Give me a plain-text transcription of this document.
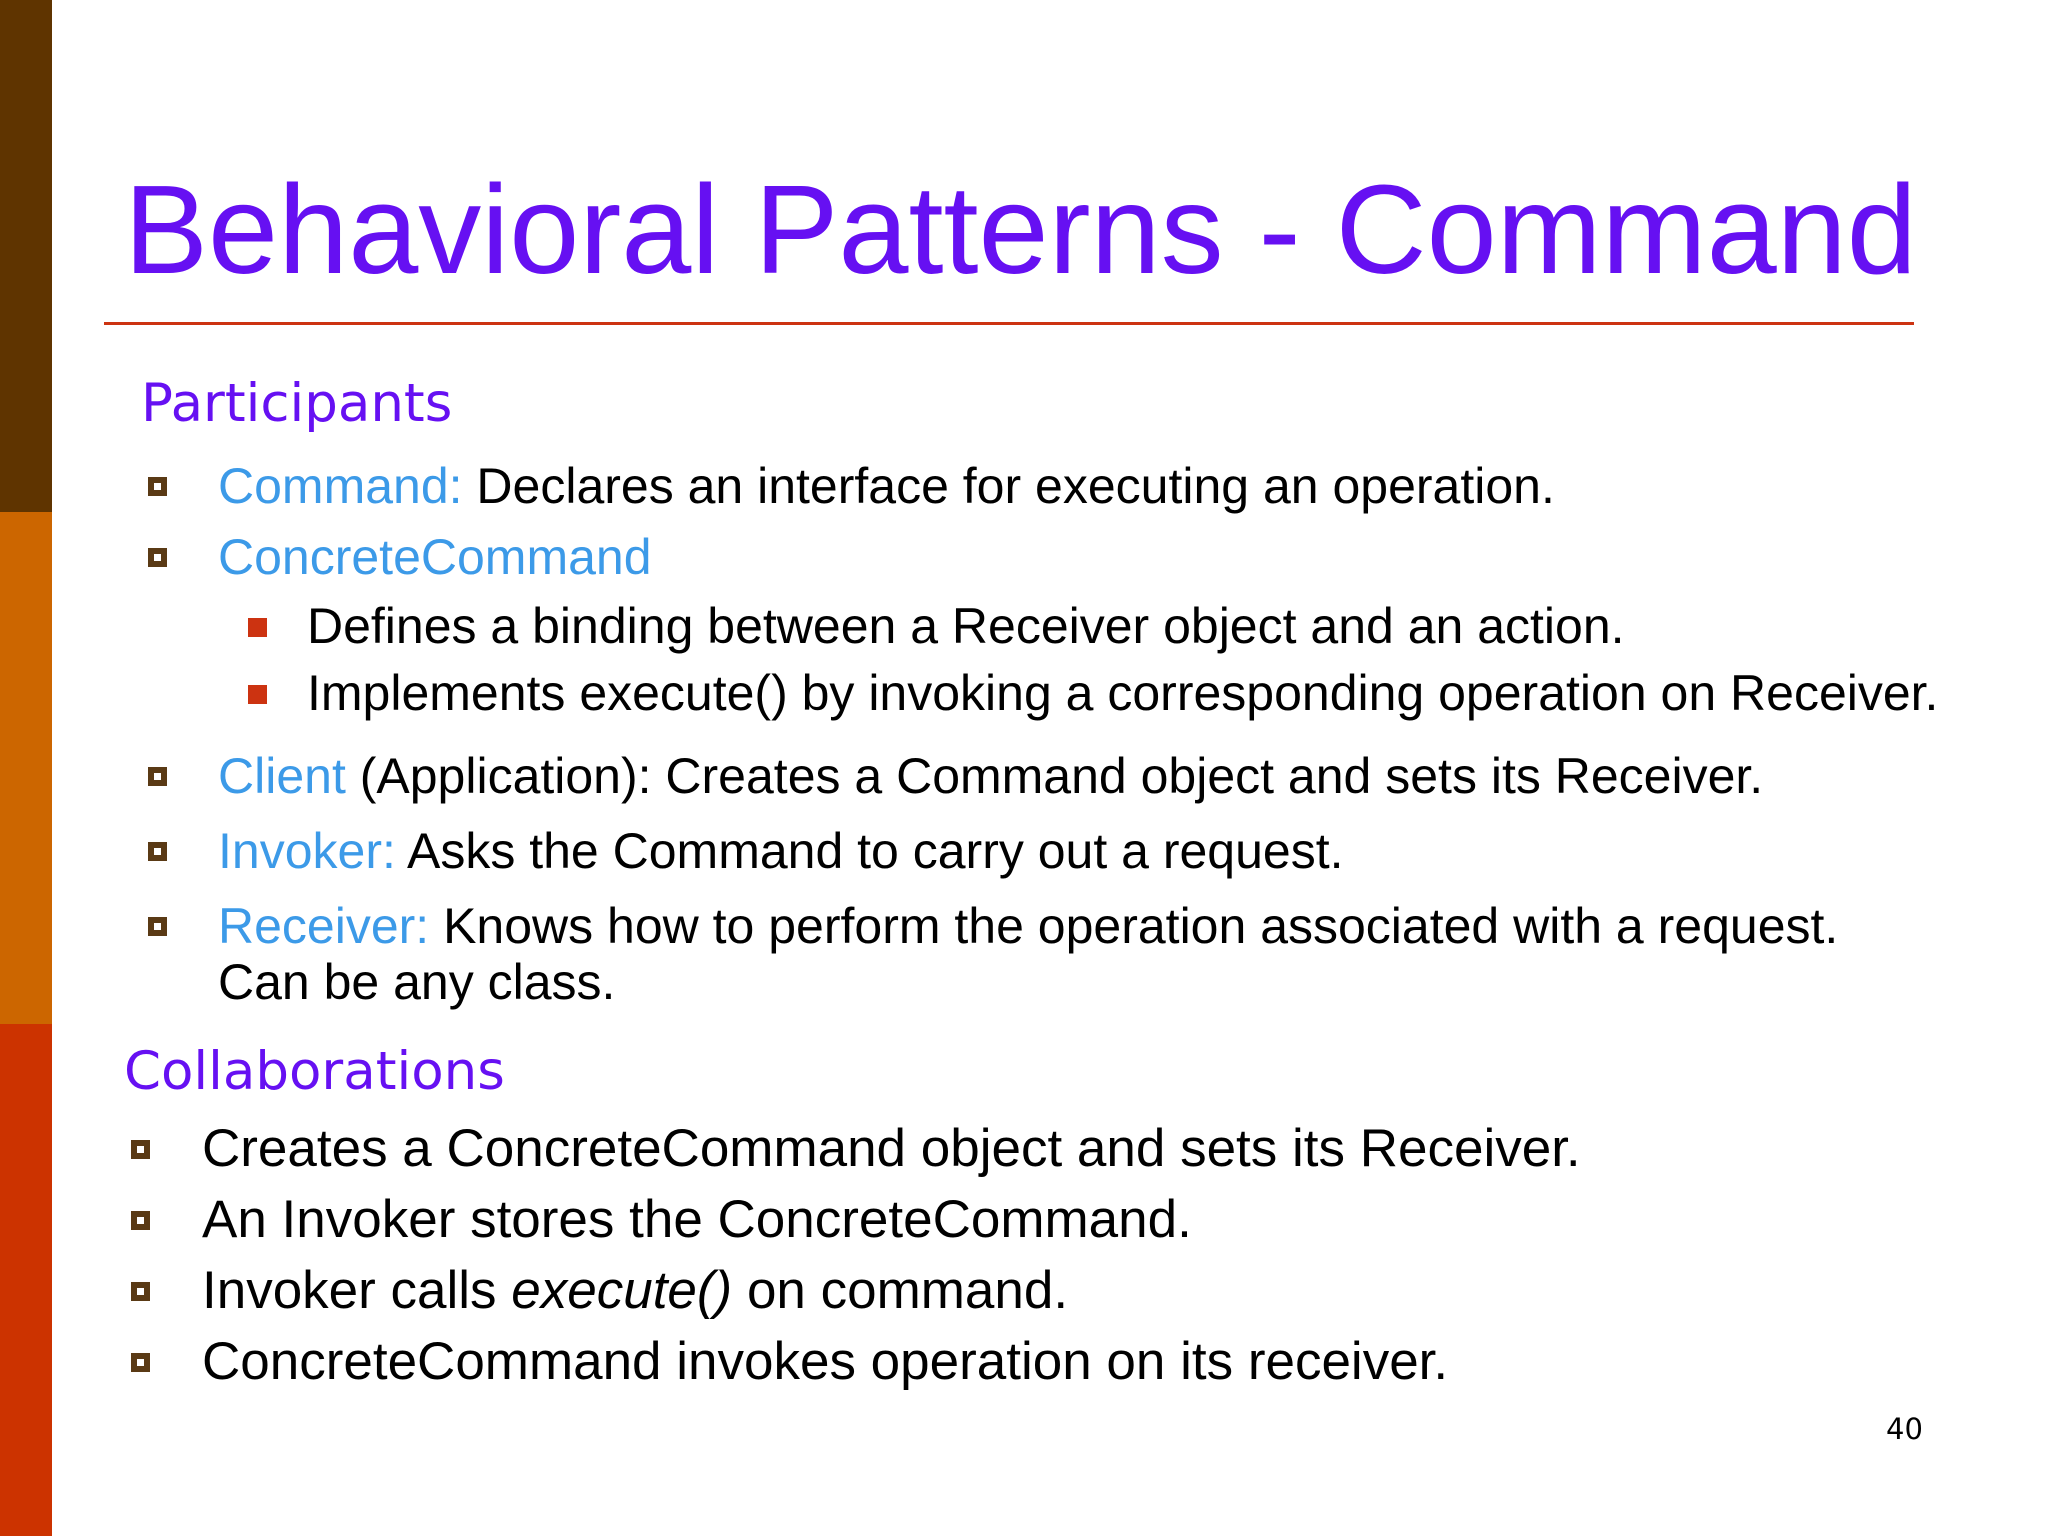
Behavioral Patterns - Command
Participants
Command: Declares an interface for executing an operation.
ConcreteCommand
Defines a binding between a Receiver object and an action.
Implements execute() by invoking a corresponding operation on Receiver.
Client (Application): Creates a Command object and sets its Receiver.
Invoker: Asks the Command to carry out a request.
Receiver: Knows how to perform the operation associated with a request.
Can be any class.
Collaborations
Creates a ConcreteCommand object and sets its Receiver.
An Invoker stores the ConcreteCommand.
Invoker calls execute() on command.
ConcreteCommand invokes operation on its receiver.
40
